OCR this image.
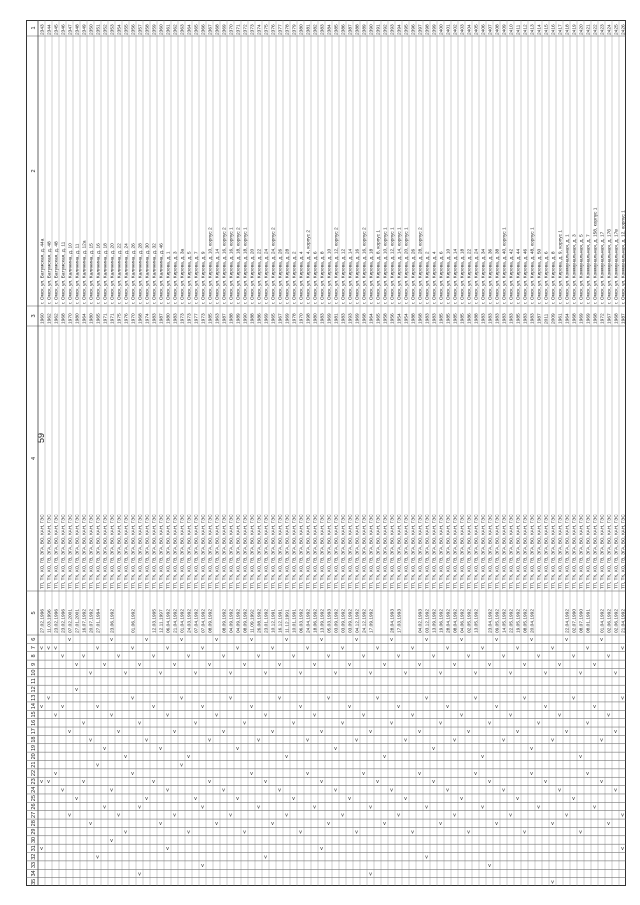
59
1
2
3
4
5
6
7
8
9
10
11
12
13
14
15
16
17
18
19
20
21
22
23
24
25
26
27
28
29
30
31
32
33
34
35
2343
г. Омск, ул. Батумская, д. 44а
1960
ТП, ТК, ХО, ГВ, ЭГА, ВО, КАН, ГЭС
27.02.1996
v
v
v
v
2344
г. Омск, ул. Батумская, д. 48
1962
ТП, ТК, ХО, ГВ, ЭГА, ВО, КАН, ГЭС
11.03.1996
v
v
v
2345
г. Омск, ул. Батумская, д. 48
1962
ТП, ТК, ХО, ГВ, ЭГА, ВО, КАН, ГЭС
23.02.1996
v
v
v
2346
г. Омск, ул. Батумская, д. 11
1968
ТП, ТК, ХО, ГВ, ЭГА, ВО, КАН, ГЭС
23.02.1996
v
v
v
2347
г. Омск, ул. Калинина, д. 10
1970
ТП, ТК, ХО, ГВ, ЭГА, ВО, КАН, ГЭС
07.02.2001
v
v
v
2348
г. Омск, ул. Калинина, д. 11
1980
ТП, ТК, ХО, ГВ, ЭГА, ВО, КАН, ГЭС
27.01.2001
v
v
v
2349
г. Омск, ул. Калинина, д. 12а
1964
ТП, ТК, ХО, ГВ, ЭГА, ВО, КАН, ГЭС
16.07.1992
v
v
v
2350
г. Омск, ул. Калинина, д. 15
1980
ТП, ТК, ХО, ГВ, ЭГА, ВО, КАН, ГЭС
20.07.1992
v
v
v
2351
г. Омск, ул. Калинина, д. 16
1965
ТП, ТК, ХО, ГВ, ЭГА, ВО, КАН, ГЭС
27.01.1994
v
v
v
v
2352
г. Омск, ул. Калинина, д. 18
1971
ТП, ТК, ХО, ГВ, ЭГА, ВО, КАН, ГЭС
v
v
v
2353
г. Омск, ул. Калинина, д. 20
1971
ТП, ТК, ХО, ГВ, ЭГА, ВО, КАН, ГЭС
23.06.1992
v
v
v
v
2354
г. Омск, ул. Калинина, д. 22
1975
ТП, ТК, ХО, ГВ, ЭГА, ВО, КАН, ГЭС
v
v
v
2355
г. Омск, ул. Калинина, д. 24
1976
ТП, ТК, ХО, ГВ, ЭГА, ВО, КАН, ГЭС
v
v
v
2356
г. Омск, ул. Калинина, д. 26
1970
ТП, ТК, ХО, ГВ, ЭГА, ВО, КАН, ГЭС
01.06.1992
v
v
v
2357
г. Омск, ул. Калинина, д. 28
1968
ТП, ТК, ХО, ГВ, ЭГА, ВО, КАН, ГЭС
v
v
v
v
2358
г. Омск, ул. Калинина, д. 30
1974
ТП, ТК, ХО, ГВ, ЭГА, ВО, КАН, ГЭС
v
v
v
2359
г. Омск, ул. Калинина, д. 32
1983
ТП, ТК, ХО, ГВ, ЭГА, ВО, КАН, ГЭС
12.03.1995
v
v
v
2360
г. Омск, ул. Калинина, д. 46
1987
ТП, ТК, ХО, ГВ, ЭГА, ВО, КАН, ГЭС
12.11.1997
v
v
v
2361
г. Омск, ул. Кирова, д. 1
1980
ТП, ТК, ХО, ГВ, ЭГА, ВО, КАН, ГЭС
06.04.1992
v
v
v
v
2362
г. Омск, ул. Кирова, д. 3
1983
ТП, ТК, ХО, ГВ, ЭГА, ВО, КАН, ГЭС
21.04.1992
v
v
v
2363
г. Омск, ул. Кирова, д. 3а
1973
ТП, ТК, ХО, ГВ, ЭГА, ВО, КАН, ГЭС
01.04.1992
v
v
v
2364
г. Омск, ул. Кирова, д. 5
1973
ТП, ТК, ХО, ГВ, ЭГА, ВО, КАН, ГЭС
24.03.1992
v
v
v
2365
г. Омск, ул. Кирова, д. 7
1977
ТП, ТК, ХО, ГВ, ЭГА, ВО, КАН, ГЭС
07.04.1992
v
v
v
2366
г. Омск, ул. Кирова, д. 9
1973
ТП, ТК, ХО, ГВ, ЭГА, ВО, КАН, ГЭС
07.04.1992
v
v
v
v
2367
г. Омск, ул. Кирова, д. 10, корпус 2
1985
ТП, ТК, ХО, ГВ, ЭГА, ВО, КАН, ГЭС
08.09.1992
v
v
v
2368
г. Омск, ул. Кирова, д. 14
1963
ТП, ТК, ХО, ГВ, ЭГА, ВО, КАН, ГЭС
v
v
v
2369
г. Омск, ул. Кирова, д. 16, корпус 2
1987
ТП, ТК, ХО, ГВ, ЭГА, ВО, КАН, ГЭС
08.09.1992
v
v
v
2370
г. Омск, ул. Кирова, д. 16, корпус 1
1988
ТП, ТК, ХО, ГВ, ЭГА, ВО, КАН, ГЭС
04.09.1992
v
v
v
2371
г. Омск, ул. Кирова, д. 18, корпус 2
1989
ТП, ТК, ХО, ГВ, ЭГА, ВО, КАН, ГЭС
04.09.1992
v
v
v
2372
г. Омск, ул. Кирова, д. 18, корпус 1
1990
ТП, ТК, ХО, ГВ, ЭГА, ВО, КАН, ГЭС
08.09.1992
v
v
v
2373
г. Омск, ул. Кирова, д. 20
1988
ТП, ТК, ХО, ГВ, ЭГА, ВО, КАН, ГЭС
11.09.1992
v
v
v
2374
г. Омск, ул. Кирова, д. 22
1986
ТП, ТК, ХО, ГВ, ЭГА, ВО, КАН, ГЭС
26.08.1992
v
v
v
2375
г. Омск, ул. Кирова, д. 24
1969
ТП, ТК, ХО, ГВ, ЭГА, ВО, КАН, ГЭС
23.01.1992
v
v
v
v
2376
г. Омск, ул. Кирова, д. 24, корпус 2
1965
ТП, ТК, ХО, ГВ, ЭГА, ВО, КАН, ГЭС
10.12.1991
v
v
v
2377
г. Омск, ул. Кирова, д. 26
1967
ТП, ТК, ХО, ГВ, ЭГА, ВО, КАН, ГЭС
16.12.1991
v
v
v
2378
г. Омск, ул. Кирова, д. 28
1969
ТП, ТК, ХО, ГВ, ЭГА, ВО, КАН, ГЭС
11.12.1991
v
v
v
2379
г. Омск, ул. Кирова, д. 2
1978
ТП, ТК, ХО, ГВ, ЭГА, ВО, КАН, ГЭС
10.01.1991
v
v
v
2380
г. Омск, ул. Кирова, д. 4
1970
ТП, ТК, ХО, ГВ, ЭГА, ВО, КАН, ГЭС
06.03.1992
v
v
v
2381
г. Омск, ул. Кирова, д. 4, корпус 2
1998
ТП, ТК, ХО, ГВ, ЭГА, ВО, КАН, ГЭС
24.04.1992
v
v
v
2382
г. Омск, ул. Кирова, д. 6
1980
ТП, ТК, ХО, ГВ, ЭГА, ВО, КАН, ГЭС
18.06.1992
v
v
v
2383
г. Омск, ул. Кирова, д. 8
1983
ТП, ТК, ХО, ГВ, ЭГА, ВО, КАН, ГЭС
13.09.1992
v
v
v
v
2384
г. Омск, ул. Кирова, д. 10
1969
ТП, ТК, ХО, ГВ, ЭГА, ВО, КАН, ГЭС
05.03.1993
v
v
v
2385
г. Омск, ул. Кирова, д. 12, корпус 2
1981
ТП, ТК, ХО, ГВ, ЭГА, ВО, КАН, ГЭС
03.09.1992
v
v
v
2386
г. Омск, ул. Кирова, д. 12
1983
ТП, ТК, ХО, ГВ, ЭГА, ВО, КАН, ГЭС
03.09.1992
v
v
v
2387
г. Омск, ул. Кирова, д. 14
1993
ТП, ТК, ХО, ГВ, ЭГА, ВО, КАН, ГЭС
03.09.1992
v
v
v
2388
г. Омск, ул. Кирова, д. 16
1969
ТП, ТК, ХО, ГВ, ЭГА, ВО, КАН, ГЭС
04.12.1992
v
v
v
2389
г. Омск, ул. Кирова, д. 16, корпус 2
1968
ТП, ТК, ХО, ГВ, ЭГА, ВО, КАН, ГЭС
24.12.1992
v
v
v
2390
г. Омск, ул. Кирова, д. 18
1964
ТП, ТК, ХО, ГВ, ЭГА, ВО, КАН, ГЭС
17.09.1992
v
v
v
v
2391
г. Омск, ул. Кирова, д. 8, корпус 1
1965
ТП, ТК, ХО, ГВ, ЭГА, ВО, КАН, ГЭС
v
v
v
2392
г. Омск, ул. Кирова, д. 10, корпус 1
1958
ТП, ТК, ХО, ГВ, ЭГА, ВО, КАН, ГЭС
v
v
v
2393
г. Омск, ул. Кирова, д. 12, корпус 1
1956
ТП, ТК, ХО, ГВ, ЭГА, ВО, КАН, ГЭС
28.04.1993
v
v
v
2394
г. Омск, ул. Кирова, д. 14, корпус 1
1954
ТП, ТК, ХО, ГВ, ЭГА, ВО, КАН, ГЭС
17.03.1993
v
v
v
2395
г. Омск, ул. Кирова, д. 20, корпус 1
1954
ТП, ТК, ХО, ГВ, ЭГА, ВО, КАН, ГЭС
v
v
v
2396
г. Омск, ул. Кирова, д. 26
1988
ТП, ТК, ХО, ГВ, ЭГА, ВО, КАН, ГЭС
v
v
v
2397
г. Омск, ул. Кирова, д. 28, корпус 2
1968
ТП, ТК, ХО, ГВ, ЭГА, ВО, КАН, ГЭС
04.02.1993
v
v
v
2398
г. Омск, ул. Кирова, д. 2
1983
ТП, ТК, ХО, ГВ, ЭГА, ВО, КАН, ГЭС
03.12.1992
v
v
v
v
2399
г. Омск, ул. Кирова, д. 4
1983
ТП, ТК, ХО, ГВ, ЭГА, ВО, КАН, ГЭС
13.09.1992
v
v
v
2400
г. Омск, ул. Кирова, д. 6
1985
ТП, ТК, ХО, ГВ, ЭГА, ВО, КАН, ГЭС
19.06.1992
v
v
v
2401
г. Омск, ул. Кирова, д. 10
1985
ТП, ТК, ХО, ГВ, ЭГА, ВО, КАН, ГЭС
28.04.1992
v
v
v
2402
г. Омск, ул. Кирова, д. 14
1985
ТП, ТК, ХО, ГВ, ЭГА, ВО, КАН, ГЭС
08.04.1992
v
v
v
2403
г. Омск, ул. Кирова, д. 18
1985
ТП, ТК, ХО, ГВ, ЭГА, ВО, КАН, ГЭС
04.06.1992
v
v
v
2404
г. Омск, ул. Кирова, д. 22
1986
ТП, ТК, ХО, ГВ, ЭГА, ВО, КАН, ГЭС
02.05.1992
v
v
v
2405
г. Омск, ул. Кирова, д. 24
1988
ТП, ТК, ХО, ГВ, ЭГА, ВО, КАН, ГЭС
13.05.1992
v
v
v
2406
г. Омск, ул. Кирова, д. 34
1983
ТП, ТК, ХО, ГВ, ЭГА, ВО, КАН, ГЭС
v
v
v
2407
г. Омск, ул. Кирова, д. 36
1983
ТП, ТК, ХО, ГВ, ЭГА, ВО, КАН, ГЭС
23.04.1992
v
v
v
v
2408
г. Омск, ул. Кирова, д. 38
1983
ТП, ТК, ХО, ГВ, ЭГА, ВО, КАН, ГЭС
09.05.1992
v
v
v
2409
г. Омск, ул. Кирова, д. 40, корпус 1
1983
ТП, ТК, ХО, ГВ, ЭГА, ВО, КАН, ГЭС
14.05.1992
v
v
v
2410
г. Омск, ул. Кирова, д. 42
1983
ТП, ТК, ХО, ГВ, ЭГА, ВО, КАН, ГЭС
22.05.1992
v
v
v
2411
г. Омск, ул. Кирова, д. 44
1985
ТП, ТК, ХО, ГВ, ЭГА, ВО, КАН, ГЭС
19.05.1992
v
v
v
2412
г. Омск, ул. Кирова, д. 46
1983
ТП, ТК, ХО, ГВ, ЭГА, ВО, КАН, ГЭС
08.05.1992
v
v
v
2413
г. Омск, ул. Кирова, д. 48, корпус 1
1983
ТП, ТК, ХО, ГВ, ЭГА, ВО, КАН, ГЭС
20.04.1992
v
v
v
2414
г. Омск, ул. Кирова, д. 50
1987
ТП, ТК, ХО, ГВ, ЭГА, ВО, КАН, ГЭС
v
v
v
2415
г. Омск, ул. Кирова, д. 6
2011
ТП, ТК, ХО, ГВ, ЭГА, ВО, КАН, ГЭС
v
v
v
2416
г. Омск, ул. Кирова, д. 8
2009
ТП, ТК, ХО, ГВ, ЭГА, ВО, КАН, ГЭС
v
v
v
v
2417
г. Омск, ул. Кирова, д. 9, корпус 1
1961
ТП, ТК, ХО, ГВ, ЭГА, ВО, КАН, ГЭС
v
v
v
2418
г. Омск, ул. Коммунальная, д. 1
1964
ТП, ТК, ХО, ГВ, ЭГА, ВО, КАН, ГЭС
22.04.1992
v
v
v
2419
г. Омск, ул. Коммунальная, д. 3
1968
ТП, ТК, ХО, ГВ, ЭГА, ВО, КАН, ГЭС
02.07.1990
v
v
v
2420
г. Омск, ул. Коммунальная, д. 5
1969
ТП, ТК, ХО, ГВ, ЭГА, ВО, КАН, ГЭС
08.07.1990
v
v
v
2421
г. Омск, ул. Коммунальная, д. 7
1969
ТП, ТК, ХО, ГВ, ЭГА, ВО, КАН, ГЭС
08.01.1991
v
v
v
2422
г. Омск, ул. Коммунальная, д. 158, корпус 1
1968
ТП, ТК, ХО, ГВ, ЭГА, ВО, КАН, ГЭС
v
v
v
2423
г. Омск, ул. Коммунальная, д. 17
1972
ТП, ТК, ХО, ГВ, ЭГА, ВО, КАН, ГЭС
01.04.1992
v
v
v
2424
г. Омск, ул. Коммунальная, д. 17б
1967
ТП, ТК, ХО, ГВ, ЭГА, ВО, КАН, ГЭС
02.06.1992
v
v
v
2425
г. Омск, ул. Коммунальная, д. 17в
1968
ТП, ТК, ХО, ГВ, ЭГА, ВО, КАН, ГЭС
02.06.1992
v
v
v
2426
г. Омск, ул. Коммунальная, д. 12, корпус 1
1987
ТП, ТК, ХО, ГВ, ЭГА, ВО, КАН, ГЭС
21.04.1992
v
v
v
v
